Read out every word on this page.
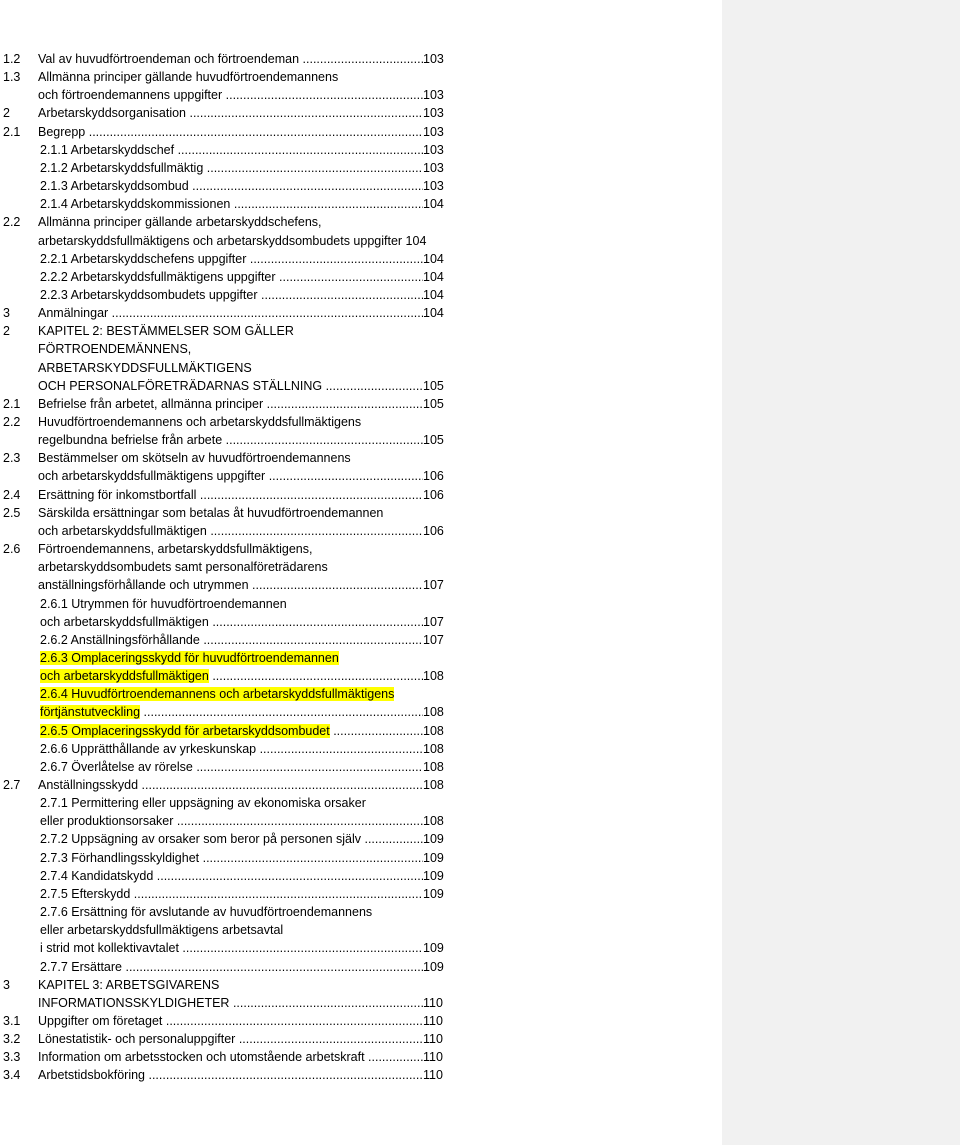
1.2 Val av huvudförtroendeman och förtroendeman .....	103
1.3 Allmänna principer gällande huvudförtroendemannens
och förtroendemannens uppgifter .....	103
2 Arbetarskyddsorganisation .....	103
2.1 Begrepp .....	103
2.1.1 Arbetarskyddschef .....	103
2.1.2 Arbetarskyddsfullmäktig .....	103
2.1.3 Arbetarskyddsombud .....	103
2.1.4 Arbetarskyddskommissionen .....	104
2.2 Allmänna principer gällande arbetarskyddschefens,
arbetarskyddsfullmäktigens och arbetarskyddsombudets uppgifter 104
2.2.1 Arbetarskyddschefens uppgifter .....	104
2.2.2 Arbetarskyddsfullmäktigens uppgifter .....	104
2.2.3 Arbetarskyddsombudets uppgifter .....	104
3 Anmälningar .....	104
2 KAPITEL 2: BESTÄMMELSER SOM GÄLLER
FÖRTROENDEMÄNNENS,
ARBETARSKYDDSFULLMÄKTIGENS
OCH PERSONALFÖRETRÄDARNAS STÄLLNING .....	105
2.1 Befrielse från arbetet, allmänna principer .....	105
2.2 Huvudförtroendemannens och arbetarskyddsfullmäktigens
regelbundna befrielse från arbete .....	105
2.3 Bestämmelser om skötseln av huvudförtroendemannens
och arbetarskyddsfullmäktigens uppgifter .....	106
2.4 Ersättning för inkomstbortfall .....	106
2.5 Särskilda ersättningar som betalas åt huvudförtroendemannen
och arbetarskyddsfullmäktigen .....	106
2.6 Förtroendemannens, arbetarskyddsfullmäktigens,
arbetarskyddsombudets samt personalföreträdarens
anställningsförhållande och utrymmen .....	107
2.6.1 Utrymmen för huvudförtroendemannen
och arbetarskyddsfullmäktigen .....	107
2.6.2 Anställningsförhållande .....	107
2.6.3 Omplaceringsskydd för huvudförtroendemannen
och arbetarskyddsfullmäktigen .....	108
2.6.4 Huvudförtroendemannens och arbetarskyddsfullmäktigens
förtjänstutveckling .....	108
2.6.5 Omplaceringsskydd för arbetarskyddsombudet .....	108
2.6.6 Upprätthållande av yrkeskunskap .....	108
2.6.7 Överlåtelse av rörelse .....	108
2.7 Anställningsskydd .....	108
2.7.1 Permittering eller uppsägning av ekonomiska orsaker
eller produktionsorsaker .....	108
2.7.2 Uppsägning av orsaker som beror på personen själv .....	109
2.7.3 Förhandlingsskyldighet .....	109
2.7.4 Kandidatskydd .....	109
2.7.5 Efterskydd .....	109
2.7.6 Ersättning för avslutande av huvudförtroendemannens
eller arbetarskyddsfullmäktigens arbetsavtal
i strid mot kollektivavtalet .....	109
2.7.7 Ersättare .....	109
3 KAPITEL 3: ARBETSGIVARENS
INFORMATIONSSKYLDIGHETER .....	110
3.1 Uppgifter om företaget .....	110
3.2 Lönestatistik- och personaluppgifter .....	110
3.3 Information om arbetsstocken och utomstående arbetskraft .....	110
3.4 Arbetstidsbokföring .....	110
